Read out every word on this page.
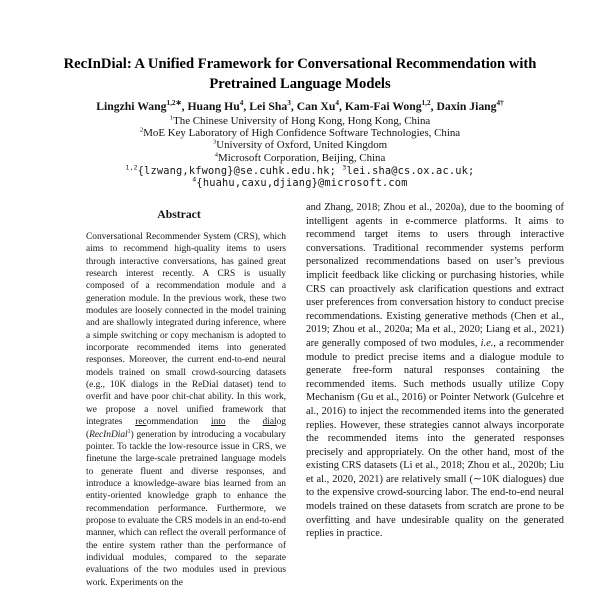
RecInDial: A Unified Framework for Conversational Recommendation with Pretrained Language Models
Lingzhi Wang$^{1,2∗}$, Huang Hu$^4$, Lei Sha$^3$, Can Xu$^4$, Kam-Fai Wong$^{1,2}$, Daxin Jiang$^{4\dagger}$
$^1$The Chinese University of Hong Kong, Hong Kong, China
$^2$MoE Key Laboratory of High Confidence Software Technologies, China
$^3$University of Oxford, United Kingdom
$^4$Microsoft Corporation, Beijing, China
$^{1,2}${lzwang,kfwong}@se.cuhk.edu.hk; $^3$lei.sha@cs.ox.ac.uk;
$^4${huahu,caxu,djiang}@microsoft.com
Abstract

Conversational Recommender System (CRS), which aims to recommend high-quality items to users through interactive conversations, has gained great research interest recently. A CRS is usually composed of a recommendation module and a generation module. In the previous work, these two modules are loosely connected in the model training and are shallowly integrated during inference, where a simple switching or copy mechanism is adopted to incorporate recommended items into generated responses. Moreover, the current end-to-end neural models trained on small crowd-sourcing datasets (e.g., 10K dialogs in the ReDial dataset) tend to overfit and have poor chit-chat ability. In this work, we propose a novel unified framework that integrates recommendation into the dialog (RecInDial$^1$) generation by introducing a vocabulary pointer. To tackle the low-resource issue in CRS, we finetune the large-scale pretrained language models to generate fluent and diverse responses, and introduce a knowledge-aware bias learned from an entity-oriented knowledge graph to enhance the recommendation performance. Furthermore, we propose to evaluate the CRS models in an end-to-end manner, which can reflect the overall performance of the entire system rather than the performance of individual modules, compared to the separate evaluations of the two modules used in previous work. Experiments on the

and Zhang, 2018; Zhou et al., 2020a), due to the booming of intelligent agents in e-commerce platforms. It aims to recommend target items to users through interactive conversations. Traditional recommender systems perform personalized recommendations based on user’s previous implicit feedback like clicking or purchasing histories, while CRS can proactively ask clarification questions and extract user preferences from conversation history to conduct precise recommendations. Existing generative methods (Chen et al., 2019; Zhou et al., 2020a; Ma et al., 2020; Liang et al., 2021) are generally composed of two modules, i.e., a recommender module to predict precise items and a dialogue module to generate free-form natural responses containing the recommended items. Such methods usually utilize Copy Mechanism (Gu et al., 2016) or Pointer Network (Gulcehre et al., 2016) to inject the recommended items into the generated replies. However, these strategies cannot always incorporate the recommended items into the generated responses precisely and appropriately. On the other hand, most of the existing CRS datasets (Li et al., 2018; Zhou et al., 2020b; Liu et al., 2020, 2021) are relatively small (∼10K dialogues) due to the expensive crowd-sourcing labor. The end-to-end neural models trained on these datasets from scratch are prone to be overfitting and have undesirable quality on the generated replies in practice.
